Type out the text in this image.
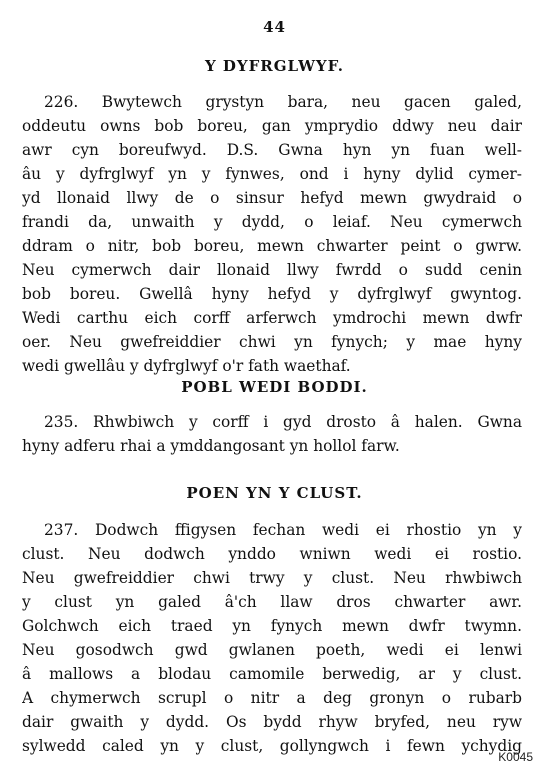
44
Y DYFRGLWYF.
226. Bwytewch grystyn bara, neu gacen galed,
oddeutu owns bob boreu, gan ymprydio ddwy neu dair
awr cyn boreufwyd. D.S. Gwna hyn yn fuan well-
âu y dyfrglwyf yn y fynwes, ond i hyny dylid cymer-
yd llonaid llwy de o sinsur hefyd mewn gwydraid o
frandi da, unwaith y dydd, o leiaf. Neu cymerwch
ddram o nitr, bob boreu, mewn chwarter peint o gwrw.
Neu cymerwch dair llonaid llwy fwrdd o sudd cenin
bob boreu. Gwellâ hyny hefyd y dyfrglwyf gwyntog.
Wedi carthu eich corff arferwch ymdrochi mewn dwfr
oer. Neu gwefreiddier chwi yn fynych; y mae hyny
wedi gwellâu y dyfrglwyf o'r fath waethaf.
POBL WEDI BODDI.
235. Rhwbiwch y corff i gyd drosto â halen. Gwna
hyny adferu rhai a ymddangosant yn hollol farw.
POEN YN Y CLUST.
237. Dodwch ffigysen fechan wedi ei rhostio yn y
clust. Neu dodwch ynddo wniwn wedi ei rostio.
Neu gwefreiddier chwi trwy y clust. Neu rhwbiwch
y clust yn galed â'ch llaw dros chwarter awr.
Golchwch eich traed yn fynych mewn dwfr twymn.
Neu gosodwch gwd gwlanen poeth, wedi ei lenwi
â mallows a blodau camomile berwedig, ar y clust.
A chymerwch scrupl o nitr a deg gronyn o rubarb
dair gwaith y dydd. Os bydd rhyw bryfed, neu ryw
sylwedd caled yn y clust, gollyngwch i fewn ychydig
K0045
